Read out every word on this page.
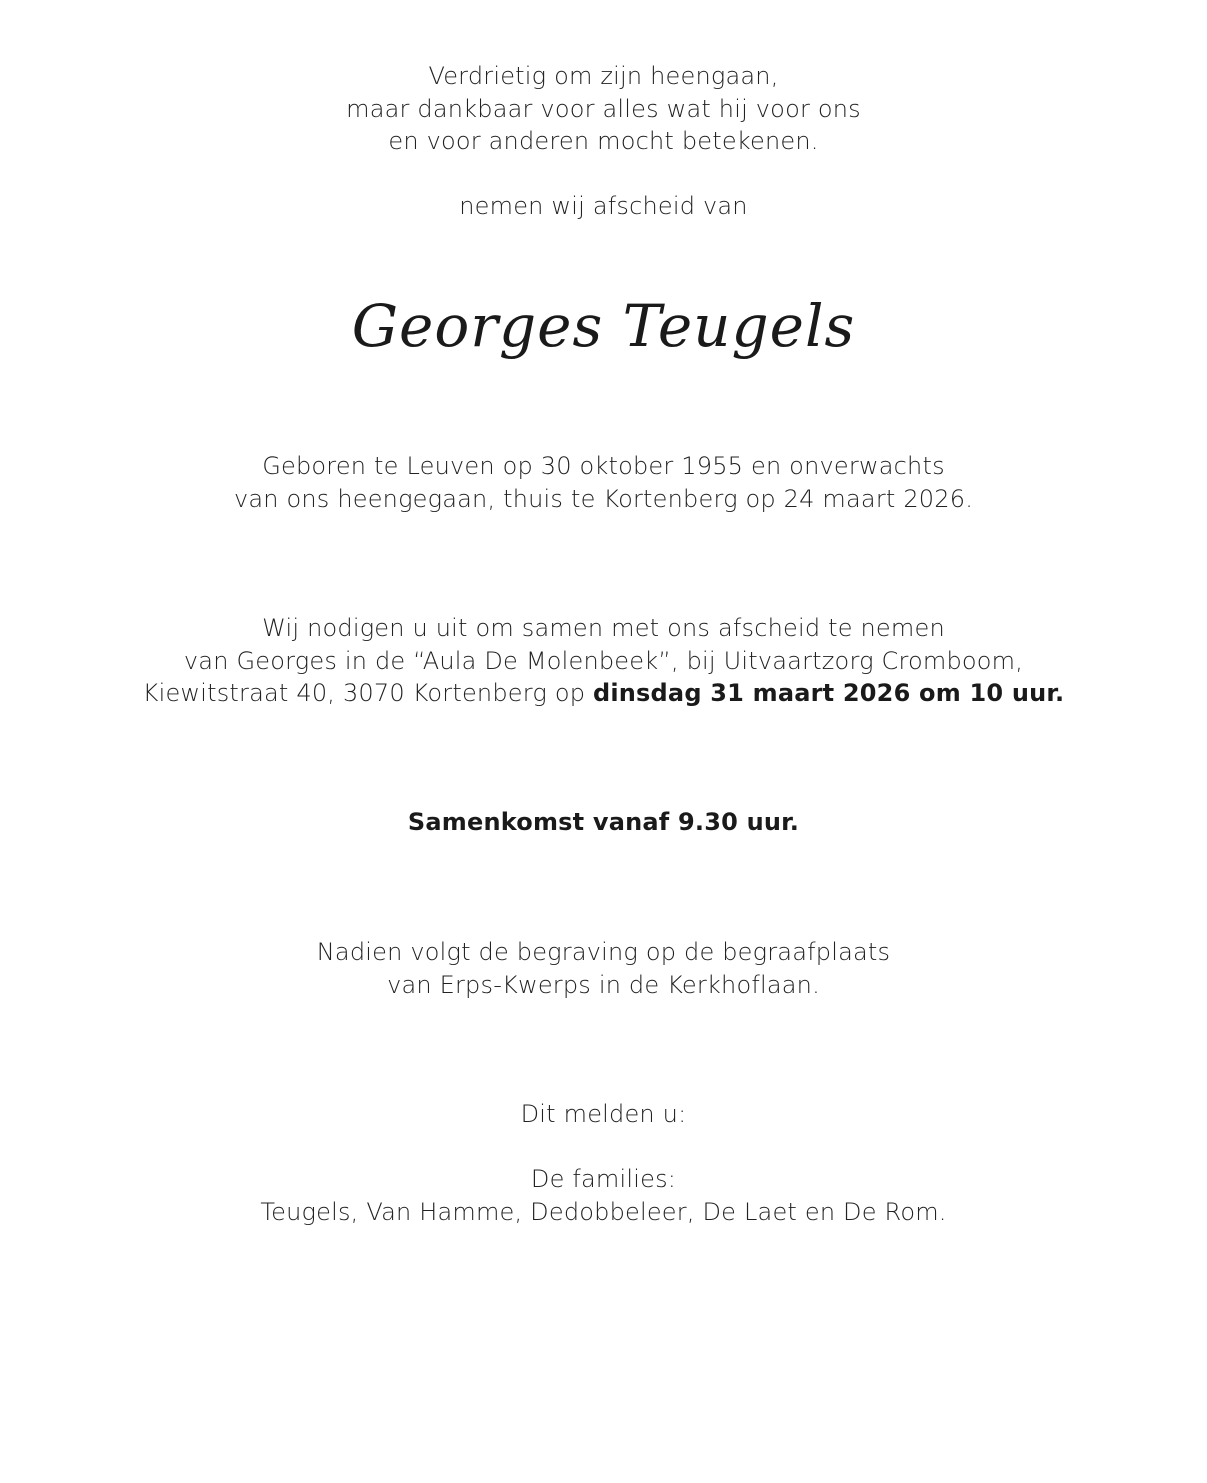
Verdrietig om zijn heengaan,
maar dankbaar voor alles wat hij voor ons
en voor anderen mocht betekenen.
nemen wij afscheid van
Georges Teugels
Geboren te Leuven op 30 oktober 1955 en onverwachts
van ons heengegaan, thuis te Kortenberg op 24 maart 2026.
Wij nodigen u uit om samen met ons afscheid te nemen
van Georges in de “Aula De Molenbeek”, bij Uitvaartzorg Cromboom,
Kiewitstraat 40, 3070 Kortenberg op dinsdag 31 maart 2026 om 10 uur.
Samenkomst vanaf 9.30 uur.
Nadien volgt de begraving op de begraafplaats
van Erps-Kwerps in de Kerkhoflaan.
Dit melden u:
De families:
Teugels, Van Hamme, Dedobbeleer, De Laet en De Rom.
